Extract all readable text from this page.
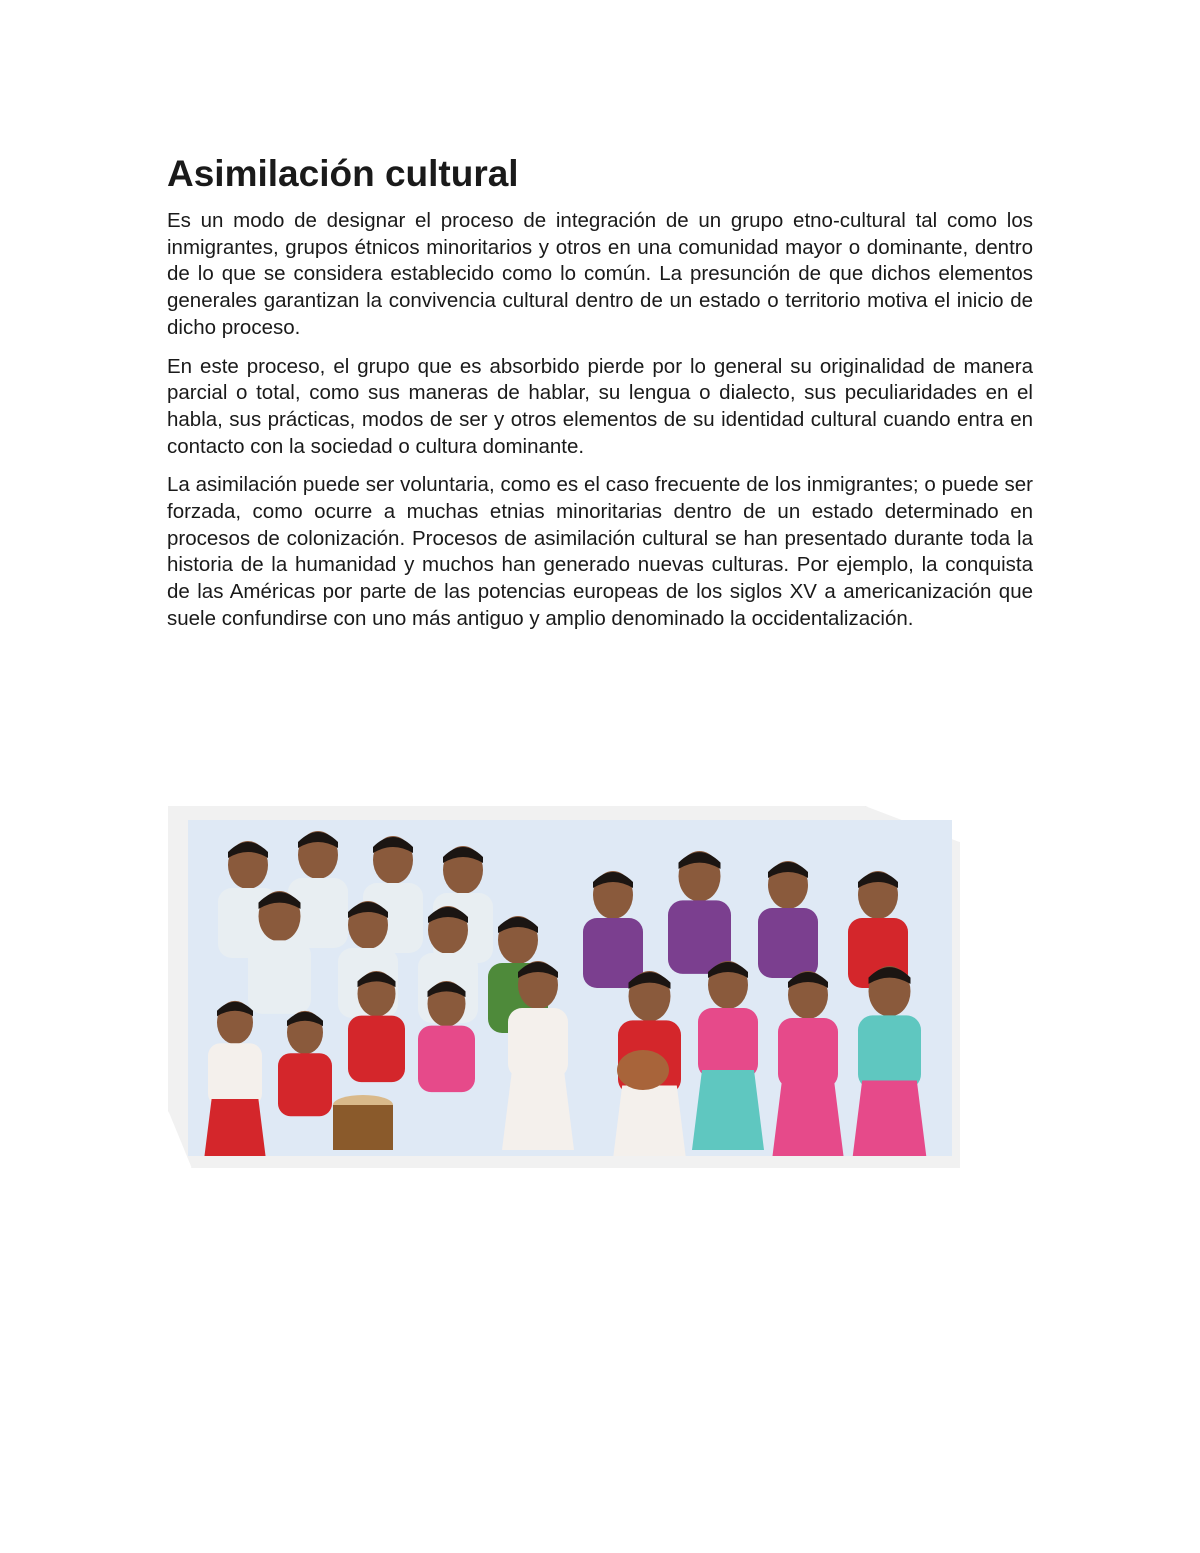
Asimilación cultural

Es un modo de designar el proceso de integración de un grupo etno-cultural tal como los inmigrantes, grupos étnicos minoritarios y otros en una comunidad mayor o dominante, dentro de lo que se considera establecido como lo común. La presunción de que dichos elementos generales garantizan la convivencia cultural dentro de un estado o territorio motiva el inicio de dicho proceso.

En este proceso, el grupo que es absorbido pierde por lo general su originalidad de manera parcial o total, como sus maneras de hablar, su lengua o dialecto, sus peculiaridades en el habla, sus prácticas, modos de ser y otros elementos de su identidad cultural cuando entra en contacto con la sociedad o cultura dominante.

La asimilación puede ser voluntaria, como es el caso frecuente de los inmigrantes; o puede ser forzada, como ocurre a muchas etnias minoritarias dentro de un estado determinado en procesos de colonización. Procesos de asimilación cultural se han presentado durante toda la historia de la humanidad y muchos han generado nuevas culturas. Por ejemplo, la conquista de las Américas por parte de las potencias europeas de los siglos XV a americanización que suele confundirse con uno más antiguo y amplio denominado la occidentalización.
